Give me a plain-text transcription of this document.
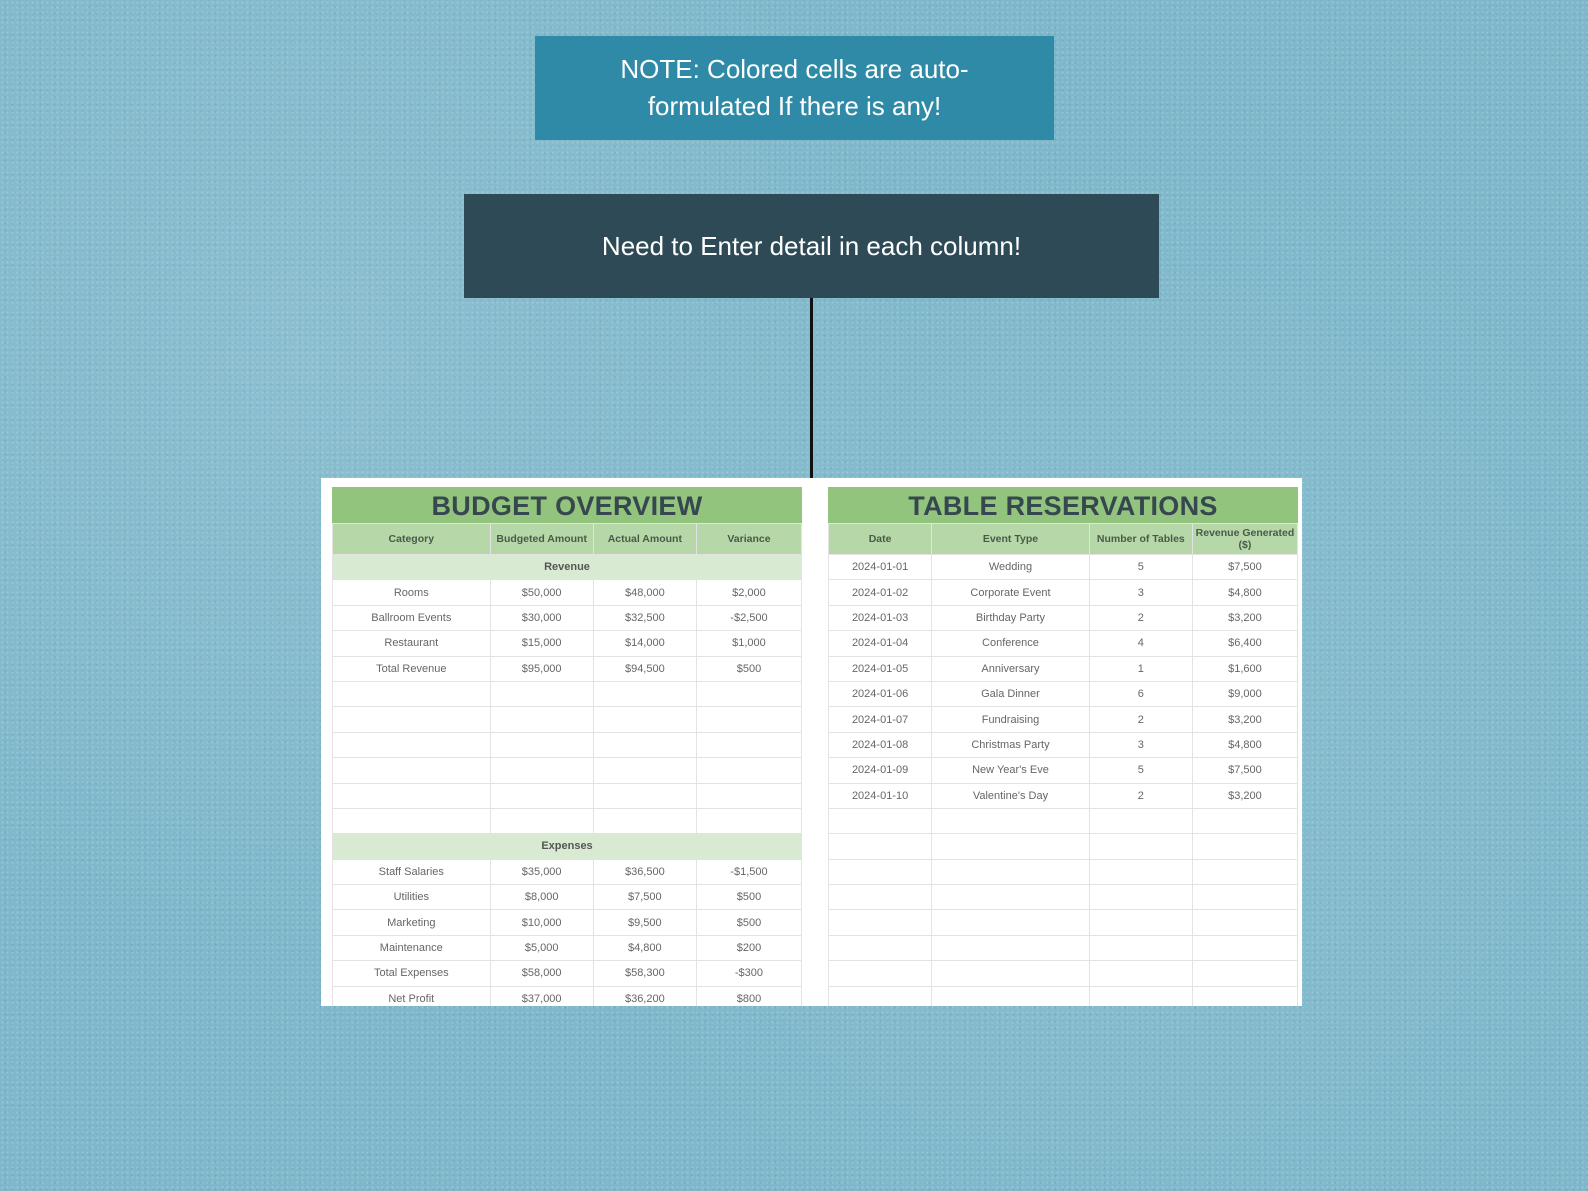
NOTE: Colored cells are auto-formulated If there is any!
Need to Enter detail in each column!
BUDGET OVERVIEW
Category	Budgeted Amount	Actual Amount	Variance
Revenue			
Rooms	$50,000	$48,000	$2,000
Ballroom Events	$30,000	$32,500	-$2,500
Restaurant	$15,000	$14,000	$1,000
Total Revenue	$95,000	$94,500	$500

Expenses			
Staff Salaries	$35,000	$36,500	-$1,500
Utilities	$8,000	$7,500	$500
Marketing	$10,000	$9,500	$500
Maintenance	$5,000	$4,800	$200
Total Expenses	$58,000	$58,300	-$300
Net Profit	$37,000	$36,200	$800
TABLE RESERVATIONS
Date	Event Type	Number of Tables	Revenue Generated ($)
2024-01-01	Wedding	5	$7,500
2024-01-02	Corporate Event	3	$4,800
2024-01-03	Birthday Party	2	$3,200
2024-01-04	Conference	4	$6,400
2024-01-05	Anniversary	1	$1,600
2024-01-06	Gala Dinner	6	$9,000
2024-01-07	Fundraising	2	$3,200
2024-01-08	Christmas Party	3	$4,800
2024-01-09	New Year's Eve	5	$7,500
2024-01-10	Valentine's Day	2	$3,200
